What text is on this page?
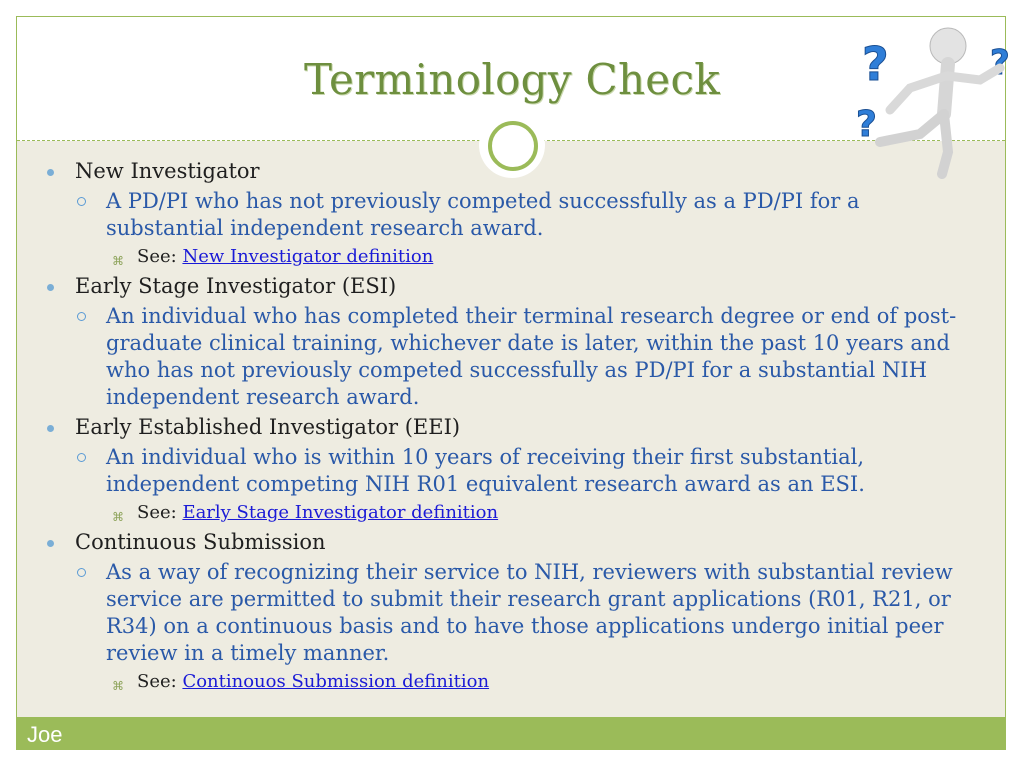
Terminology Check
New Investigator
A PD/PI who has not previously competed successfully as a PD/PI for a substantial independent research award.
⌘ See: New Investigator definition
Early Stage Investigator (ESI)
An individual who has completed their terminal research degree or end of post-graduate clinical training, whichever date is later, within the past 10 years and who has not previously competed successfully as PD/PI for a substantial NIH independent research award.
Early Established Investigator (EEI)
An individual who is within 10 years of receiving their first substantial, independent competing NIH R01 equivalent research award as an ESI.
⌘ See: Early Stage Investigator definition
Continuous Submission
As a way of recognizing their service to NIH, reviewers with substantial review service are permitted to submit their research grant applications (R01, R21, or R34) on a continuous basis and to have those applications undergo initial peer review in a timely manner.
⌘ See: Continouos Submission definition
Joe
?	?
?
